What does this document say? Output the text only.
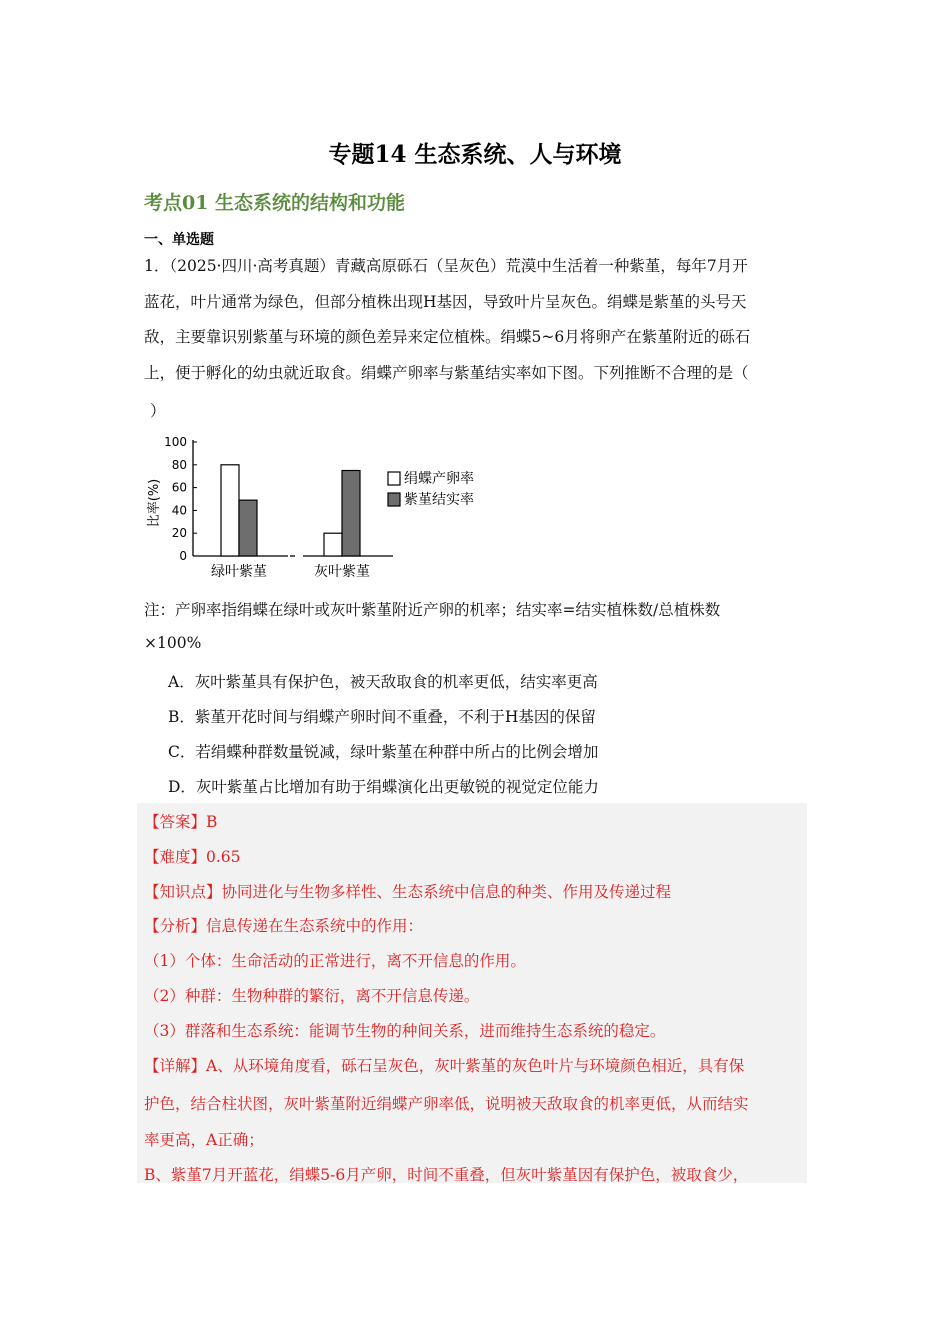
专题14 生态系统、人与环境
考点01 生态系统的结构和功能
一、单选题
1．（2025·四川·高考真题）青藏高原砾石（呈灰色）荒漠中生活着一种紫堇，每年7月开
蓝花，叶片通常为绿色，但部分植株出现H基因，导致叶片呈灰色。绢蝶是紫堇的头号天
敌，主要靠识别紫堇与环境的颜色差异来定位植株。绢蝶5~6月将卵产在紫堇附近的砾石
上，便于孵化的幼虫就近取食。绢蝶产卵率与紫堇结实率如下图。下列推断不合理的是（
）
比率(%)
0
20
40
60
80
100
绿叶紫堇	灰叶紫堇
绢蝶产卵率
紫堇结实率
注：产卵率指绢蝶在绿叶或灰叶紫堇附近产卵的机率；结实率=结实植株数/总植株数
×100%
A．灰叶紫堇具有保护色，被天敌取食的机率更低，结实率更高
B．紫堇开花时间与绢蝶产卵时间不重叠，不利于H基因的保留
C．若绢蝶种群数量锐减，绿叶紫堇在种群中所占的比例会增加
D．灰叶紫堇占比增加有助于绢蝶演化出更敏锐的视觉定位能力
【答案】B
【难度】0.65
【知识点】协同进化与生物多样性、生态系统中信息的种类、作用及传递过程
【分析】信息传递在生态系统中的作用：
（1）个体：生命活动的正常进行，离不开信息的作用。
（2）种群：生物种群的繁衍，离不开信息传递。
（3）群落和生态系统：能调节生物的种间关系，进而维持生态系统的稳定。
【详解】A、从环境角度看，砾石呈灰色，灰叶紫堇的灰色叶片与环境颜色相近，具有保
护色，结合柱状图，灰叶紫堇附近绢蝶产卵率低，说明被天敌取食的机率更低，从而结实
率更高，A正确；
B、紫堇7月开蓝花，绢蝶5-6月产卵，时间不重叠，但灰叶紫堇因有保护色，被取食少，
